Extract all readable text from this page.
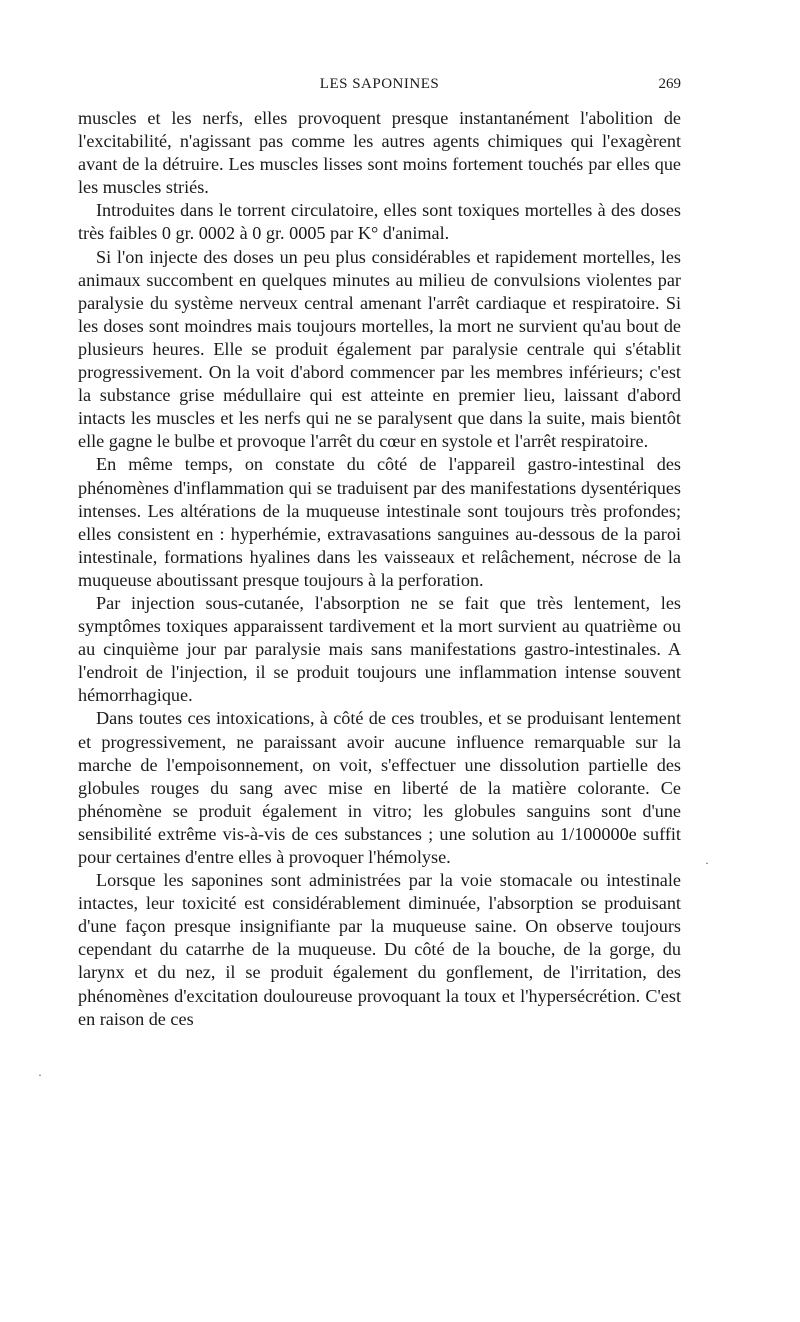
LES SAPONINES	269

muscles et les nerfs, elles provoquent presque instantanément l'abolition de l'excitabilité, n'agissant pas comme les autres agents chimiques qui l'exagèrent avant de la détruire. Les muscles lisses sont moins fortement touchés par elles que les muscles striés.

Introduites dans le torrent circulatoire, elles sont toxiques mortelles à des doses très faibles 0 gr. 0002 à 0 gr. 0005 par K° d'animal.

Si l'on injecte des doses un peu plus considérables et rapidement mortelles, les animaux succombent en quelques minutes au milieu de convulsions violentes par paralysie du système nerveux central amenant l'arrêt cardiaque et respiratoire. Si les doses sont moindres mais toujours mortelles, la mort ne survient qu'au bout de plusieurs heures. Elle se produit également par paralysie centrale qui s'établit progressivement. On la voit d'abord commencer par les membres inférieurs; c'est la substance grise médullaire qui est atteinte en premier lieu, laissant d'abord intacts les muscles et les nerfs qui ne se paralysent que dans la suite, mais bientôt elle gagne le bulbe et provoque l'arrêt du cœur en systole et l'arrêt respiratoire.

En même temps, on constate du côté de l'appareil gastro-intestinal des phénomènes d'inflammation qui se traduisent par des manifestations dysentériques intenses. Les altérations de la muqueuse intestinale sont toujours très profondes; elles consistent en : hyperhémie, extravasations sanguines au-dessous de la paroi intestinale, formations hyalines dans les vaisseaux et relâchement, nécrose de la muqueuse aboutissant presque toujours à la perforation.

Par injection sous-cutanée, l'absorption ne se fait que très lentement, les symptômes toxiques apparaissent tardivement et la mort survient au quatrième ou au cinquième jour par paralysie mais sans manifestations gastro-intestinales. A l'endroit de l'injection, il se produit toujours une inflammation intense souvent hémorrhagique.

Dans toutes ces intoxications, à côté de ces troubles, et se produisant lentement et progressivement, ne paraissant avoir aucune influence remarquable sur la marche de l'empoisonnement, on voit, s'effectuer une dissolution partielle des globules rouges du sang avec mise en liberté de la matière colorante. Ce phénomène se produit également in vitro; les globules sanguins sont d'une sensibilité extrême vis-à-vis de ces substances ; une solution au 1/100000e suffit pour certaines d'entre elles à provoquer l'hémolyse.

Lorsque les saponines sont administrées par la voie stomacale ou intestinale intactes, leur toxicité est considérablement diminuée, l'absorption se produisant d'une façon presque insignifiante par la muqueuse saine. On observe toujours cependant du catarrhe de la muqueuse. Du côté de la bouche, de la gorge, du larynx et du nez, il se produit également du gonflement, de l'irritation, des phénomènes d'excitation douloureuse provoquant la toux et l'hypersécrétion. C'est en raison de ces

·
·
